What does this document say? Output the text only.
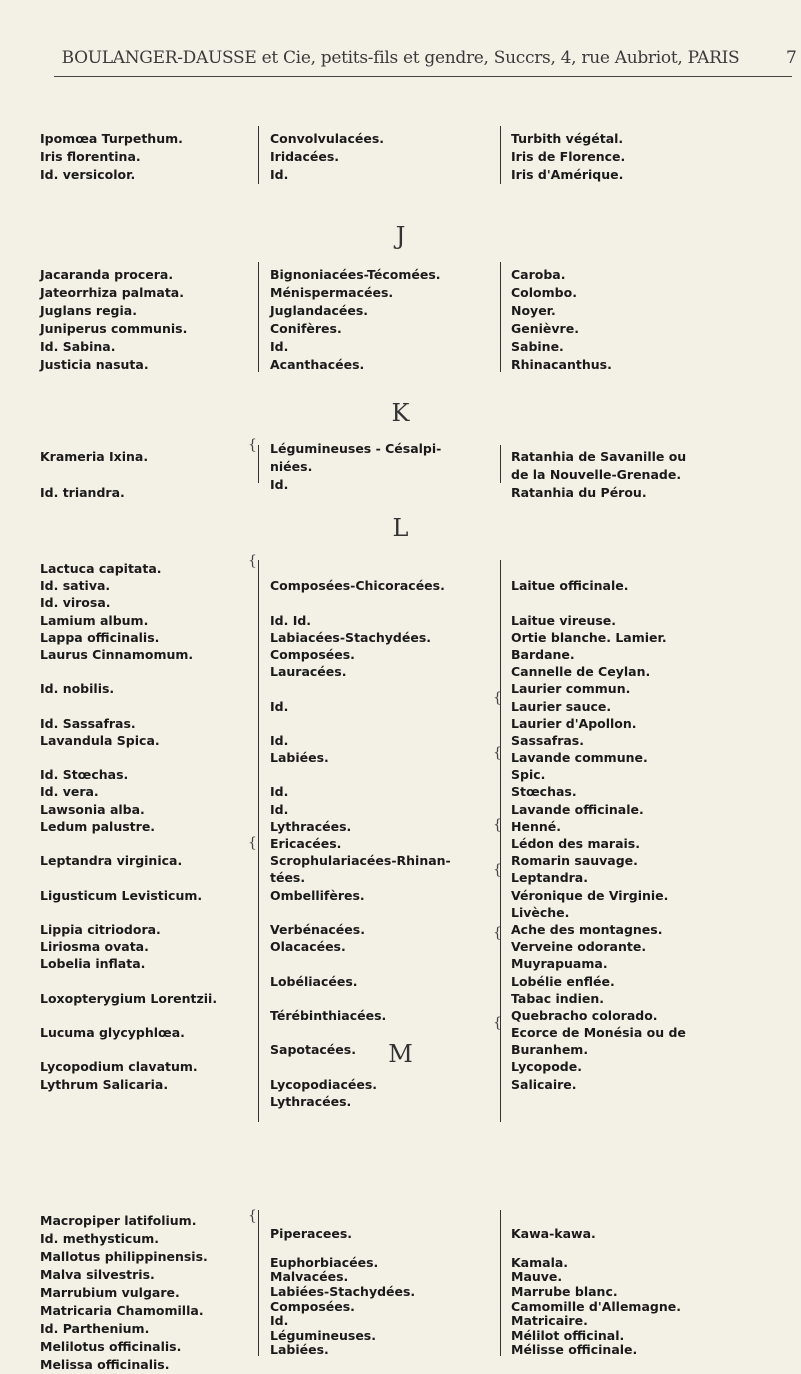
BOULANGER-DAUSSE et Cie, petits-fils et gendre, Succrs, 4, rue Aubriot, PARIS	7
J
K
L
M
{
{
{
{
{
{
{
{
{
{
Ipomœa Turpethum.
Iris florentina.
Id. versicolor.
Convolvulacées.
Iridacées.
Id.
Turbith végétal.
Iris de Florence.
Iris d'Amérique.
Jacaranda procera.
Jateorrhiza palmata.
Juglans regia.
Juniperus communis.
Id. Sabina.
Justicia nasuta.
Bignoniacées-Técomées.
Ménispermacées.
Juglandacées.
Conifères.
Id.
Acanthacées.
Caroba.
Colombo.
Noyer.
Genièvre.
Sabine.
Rhinacanthus.
Krameria Ixina.
Id. triandra.
Légumineuses - Césalpi-
niées.
Id.
Ratanhia de Savanille ou
de la Nouvelle-Grenade.
Ratanhia du Pérou.
Lactuca capitata.
Id. sativa.
Id. virosa.
Lamium album.
Lappa officinalis.
Laurus Cinnamomum.
Id. nobilis.
Id. Sassafras.
Lavandula Spica.
Id. Stœchas.
Id. vera.
Lawsonia alba.
Ledum palustre.
Leptandra virginica.
Ligusticum Levisticum.
Lippia citriodora.
Liriosma ovata.
Lobelia inflata.
Loxopterygium Lorentzii.
Lucuma glycyphlœa.
Lycopodium clavatum.
Lythrum Salicaria.
Composées-Chicoracées.
Id. Id.
Labiacées-Stachydées.
Composées.
Lauracées.
Id.
Id.
Labiées.
Id.
Id.
Lythracées.
Ericacées.
Scrophulariacées-Rhinan-
tées.
Ombellifères.
Verbénacées.
Olacacées.
Lobéliacées.
Térébinthiacées.
Sapotacées.
Lycopodiacées.
Lythracées.
Laitue officinale.
Laitue vireuse.
Ortie blanche. Lamier.
Bardane.
Cannelle de Ceylan.
Laurier commun.
Laurier sauce.
Laurier d'Apollon.
Sassafras.
Lavande commune.
Spic.
Stœchas.
Lavande officinale.
Henné.
Lédon des marais.
Romarin sauvage.
Leptandra.
Véronique de Virginie.
Livèche.
Ache des montagnes.
Verveine odorante.
Muyrapuama.
Lobélie enflée.
Tabac indien.
Quebracho colorado.
Ecorce de Monésia ou de
Buranhem.
Lycopode.
Salicaire.
Macropiper latifolium.
Id. methysticum.
Mallotus philippinensis.
Malva silvestris.
Marrubium vulgare.
Matricaria Chamomilla.
Id. Parthenium.
Melilotus officinalis.
Melissa officinalis.
Piperacees.
Euphorbiacées.
Malvacées.
Labiées-Stachydées.
Composées.
Id.
Légumineuses.
Labiées.
Kawa-kawa.
Kamala.
Mauve.
Marrube blanc.
Camomille d'Allemagne.
Matricaire.
Mélilot officinal.
Mélisse officinale.
